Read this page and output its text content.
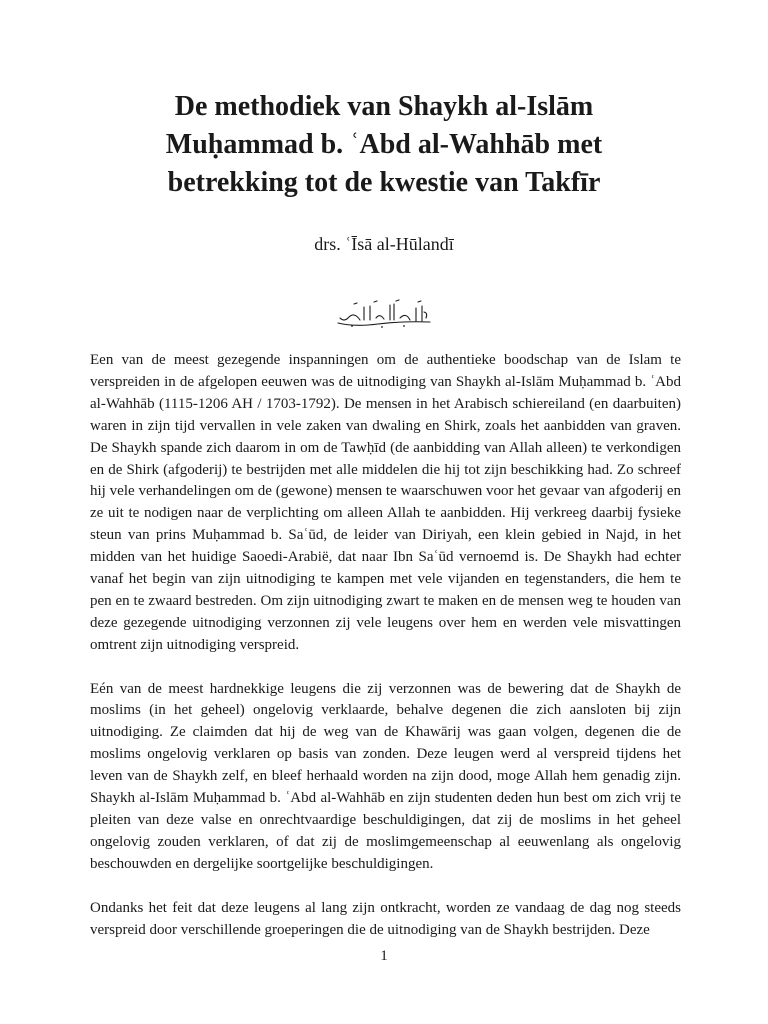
De methodiek van Shaykh al-Islām
Muḥammad b. ʿAbd al-Wahhāb met
betrekking tot de kwestie van Takfīr
drs. ʿĪsā al-Hūlandī

Een van de meest gezegende inspanningen om de authentieke boodschap van de Islam te verspreiden in de afgelopen eeuwen was de uitnodiging van Shaykh al-Islām Muḥammad b. ʿAbd al-Wahhāb (1115-1206 AH / 1703-1792). De mensen in het Arabisch schiereiland (en daarbuiten) waren in zijn tijd vervallen in vele zaken van dwaling en Shirk, zoals het aanbidden van graven. De Shaykh spande zich daarom in om de Tawḥīd (de aanbidding van Allah alleen) te verkondigen en de Shirk (afgoderij) te bestrijden met alle middelen die hij tot zijn beschikking had. Zo schreef hij vele verhandelingen om de (gewone) mensen te waarschuwen voor het gevaar van afgoderij en ze uit te nodigen naar de verplichting om alleen Allah te aanbidden. Hij verkreeg daarbij fysieke steun van prins Muḥammad b. Saʿūd, de leider van Diriyah, een klein gebied in Najd, in het midden van het huidige Saoedi-Arabië, dat naar Ibn Saʿūd vernoemd is. De Shaykh had echter vanaf het begin van zijn uitnodiging te kampen met vele vijanden en tegenstanders, die hem te pen en te zwaard bestreden. Om zijn uitnodiging zwart te maken en de mensen weg te houden van deze gezegende uitnodiging verzonnen zij vele leugens over hem en werden vele misvattingen omtrent zijn uitnodiging verspreid.

Eén van de meest hardnekkige leugens die zij verzonnen was de bewering dat de Shaykh de moslims (in het geheel) ongelovig verklaarde, behalve degenen die zich aansloten bij zijn uitnodiging. Ze claimden dat hij de weg van de Khawārij was gaan volgen, degenen die de moslims ongelovig verklaren op basis van zonden. Deze leugen werd al verspreid tijdens het leven van de Shaykh zelf, en bleef herhaald worden na zijn dood, moge Allah hem genadig zijn. Shaykh al-Islām Muḥammad b. ʿAbd al-Wahhāb en zijn studenten deden hun best om zich vrij te pleiten van deze valse en onrechtvaardige beschuldigingen, dat zij de moslims in het geheel ongelovig zouden verklaren, of dat zij de moslimgemeenschap al eeuwenlang als ongelovig beschouwden en dergelijke soortgelijke beschuldigingen.

Ondanks het feit dat deze leugens al lang zijn ontkracht, worden ze vandaag de dag nog steeds verspreid door verschillende groeperingen die de uitnodiging van de Shaykh bestrijden. Deze

1
